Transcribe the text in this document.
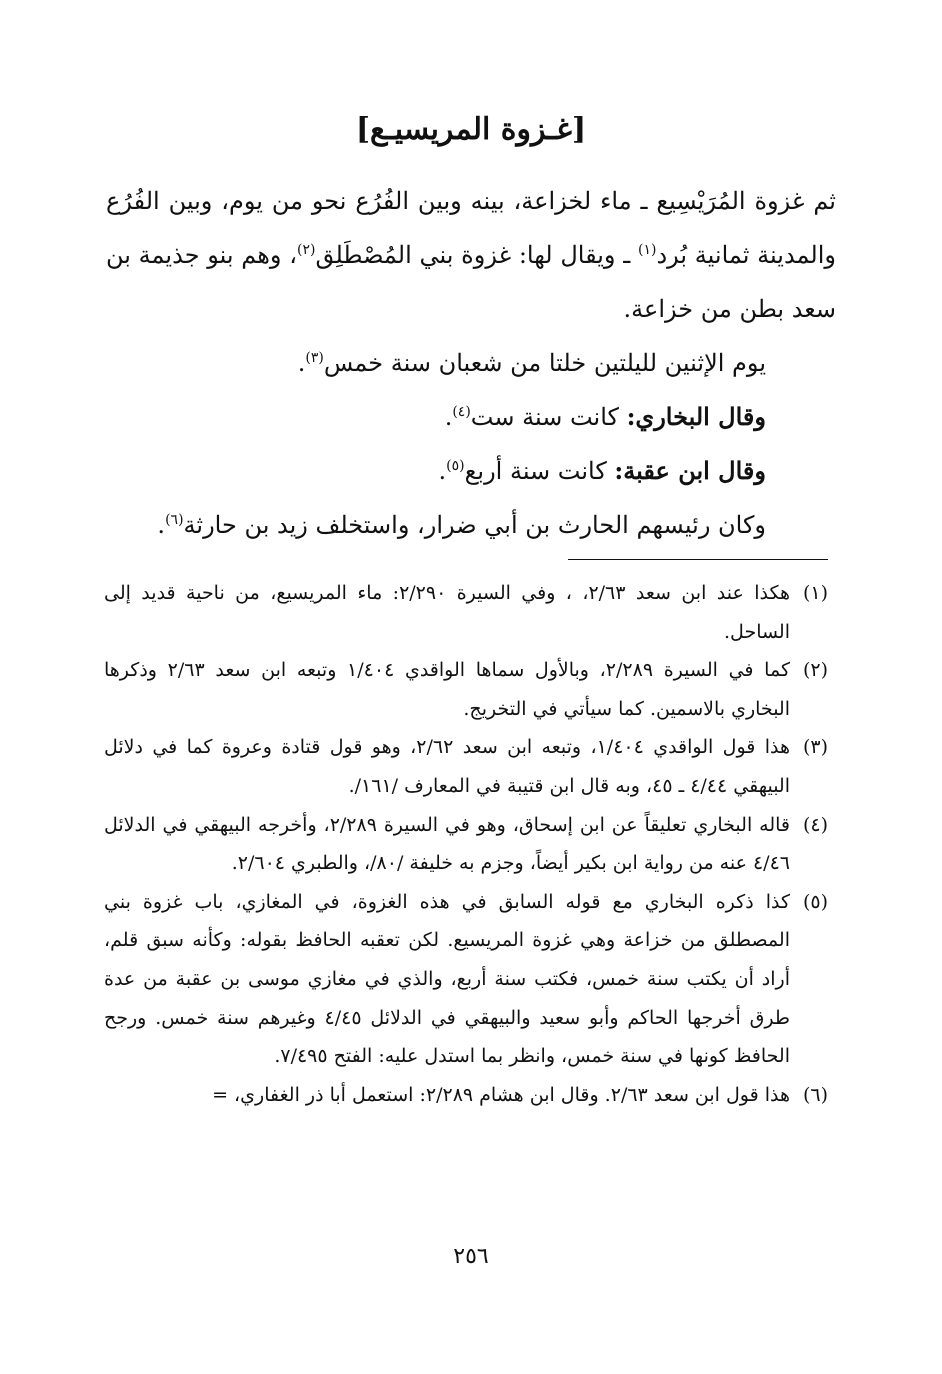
[غـزوة المريسيـع]

ثم غزوة المُرَيْسِيع ـ ماء لخزاعة، بينه وبين الفُرُع نحو من يوم، وبين الفُرُع والمدينة ثمانية بُرد$^{(١)}$ ـ ويقال لها: غزوة بني المُصْطَلِق$^{(٢)}$، وهم بنو جذيمة بن سعد بطن من خزاعة.

يوم الإثنين لليلتين خلتا من شعبان سنة خمس$^{(٣)}$.

وقال البخاري: كانت سنة ست$^{(٤)}$.

وقال ابن عقبة: كانت سنة أربع$^{(٥)}$.

وكان رئيسهم الحارث بن أبي ضرار، واستخلف زيد بن حارثة$^{(٦)}$.

(١)
هكذا عند ابن سعد ٢/٦٣، ، وفي السيرة ٢/٢٩٠: ماء المريسيع، من ناحية قديد إلى الساحل.
(٢)
كما في السيرة ٢/٢٨٩، وبالأول سماها الواقدي ١/٤٠٤ وتبعه ابن سعد ٢/٦٣ وذكرها البخاري بالاسمين. كما سيأتي في التخريج.
(٣)
هذا قول الواقدي ١/٤٠٤، وتبعه ابن سعد ٢/٦٢، وهو قول قتادة وعروة كما في دلائل البيهقي ٤/٤٤ ـ ٤٥، وبه قال ابن قتيبة في المعارف /١٦١/.
(٤)
قاله البخاري تعليقاً عن ابن إسحاق، وهو في السيرة ٢/٢٨٩، وأخرجه البيهقي في الدلائل ٤/٤٦ عنه من رواية ابن بكير أيضاً، وجزم به خليفة /٨٠/، والطبري ٢/٦٠٤.
(٥)
كذا ذكره البخاري مع قوله السابق في هذه الغزوة، في المغازي، باب غزوة بني المصطلق من خزاعة وهي غزوة المريسيع. لكن تعقبه الحافظ بقوله: وكأنه سبق قلم، أراد أن يكتب سنة خمس، فكتب سنة أربع، والذي في مغازي موسى بن عقبة من عدة طرق أخرجها الحاكم وأبو سعيد والبيهقي في الدلائل ٤/٤٥ وغيرهم سنة خمس. ورجح الحافظ كونها في سنة خمس، وانظر بما استدل عليه: الفتح ٧/٤٩٥.
(٦)
هذا قول ابن سعد ٢/٦٣. وقال ابن هشام ٢/٢٨٩: استعمل أبا ذر الغفاري، =
٢٥٦
